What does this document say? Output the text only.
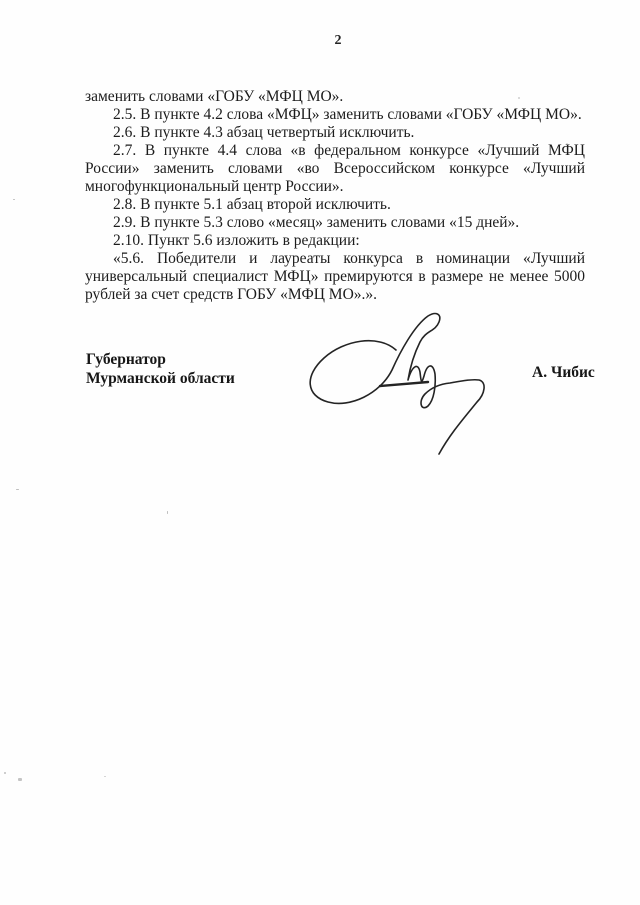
2
заменить словами «ГОБУ «МФЦ МО».
2.5. В пункте 4.2 слова «МФЦ» заменить словами «ГОБУ «МФЦ МО».
2.6. В пункте 4.3 абзац четвертый исключить.
2.7. В пункте 4.4 слова «в федеральном конкурсе «Лучший МФЦ
России» заменить словами «во Всероссийском конкурсе «Лучший
многофункциональный центр России».
2.8. В пункте 5.1 абзац второй исключить.
2.9. В пункте 5.3 слово «месяц» заменить словами «15 дней».
2.10. Пункт 5.6 изложить в редакции:
«5.6. Победители и лауреаты конкурса в номинации «Лучший
универсальный специалист МФЦ» премируются в размере не менее 5000
рублей за счет средств ГОБУ «МФЦ МО».».
Губернатор
Мурманской области	А. Чибис
